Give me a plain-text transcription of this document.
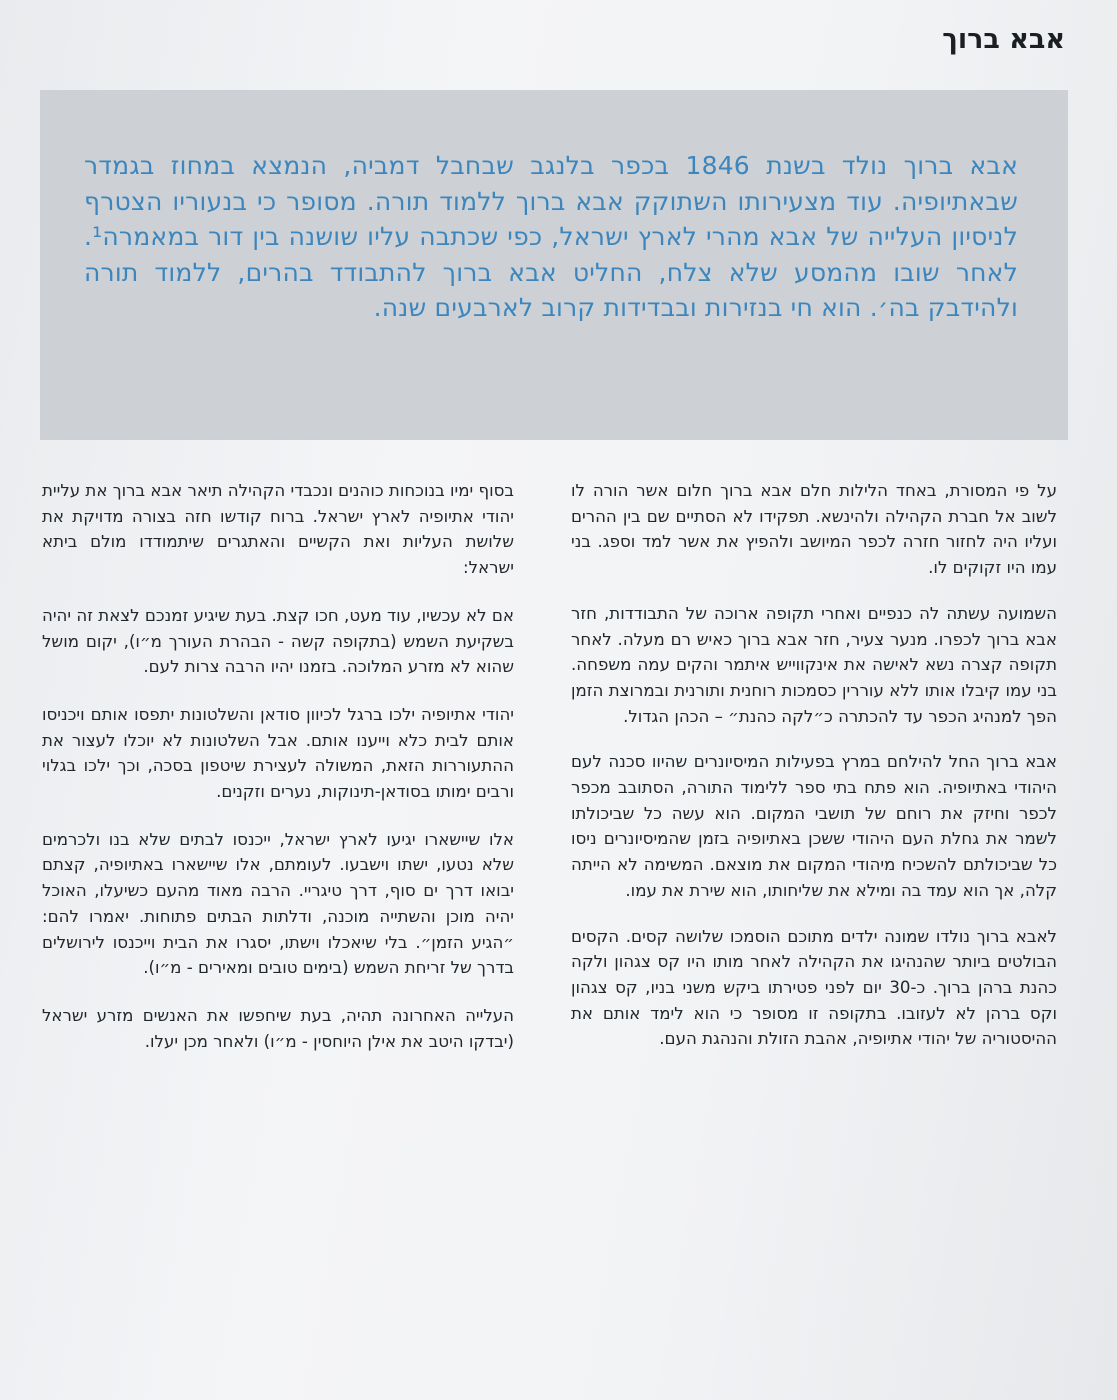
אבא ברוך

אבא ברוך נולד בשנת 1846 בכפר בלנגב שבחבל דמביה, הנמצא במחוז בגמדר שבאתיופיה. עוד מצעירותו השתוקק אבא ברוך ללמוד תורה. מסופר כי בנעוריו הצטרף לניסיון העלייה של אבא מהרי לארץ ישראל, כפי שכתבה עליו שושנה בין דור במאמרה¹. לאחר שובו מהמסע שלא צלח, החליט אבא ברוך להתבודד בהרים, ללמוד תורה ולהידבק בה׳. הוא חי בנזירות ובבדידות קרוב לארבעים שנה.

על פי המסורת, באחד הלילות חלם אבא ברוך חלום אשר הורה לו לשוב אל חברת הקהילה ולהינשא. תפקידו לא הסתיים שם בין ההרים ועליו היה לחזור חזרה לכפר המיושב ולהפיץ את אשר למד וספג. בני עמו היו זקוקים לו.

השמועה עשתה לה כנפיים ואחרי תקופה ארוכה של התבודדות, חזר אבא ברוך לכפרו. מנער צעיר, חזר אבא ברוך כאיש רם מעלה. לאחר תקופה קצרה נשא לאישה את אינקווייש איתמר והקים עמה משפחה. בני עמו קיבלו אותו ללא עוררין כסמכות רוחנית ותורנית ובמרוצת הזמן הפך למנהיג הכפר עד להכתרה כ״לקה כהנת״ – הכהן הגדול.

אבא ברוך החל להילחם במרץ בפעילות המיסיונרים שהיוו סכנה לעם היהודי באתיופיה. הוא פתח בתי ספר ללימוד התורה, הסתובב מכפר לכפר וחיזק את רוחם של תושבי המקום. הוא עשה כל שביכולתו לשמר את גחלת העם היהודי ששכן באתיופיה בזמן שהמיסיונרים ניסו כל שביכולתם להשכיח מיהודי המקום את מוצאם. המשימה לא הייתה קלה, אך הוא עמד בה ומילא את שליחותו, הוא שירת את עמו.

לאבא ברוך נולדו שמונה ילדים מתוכם הוסמכו שלושה קסים. הקסים הבולטים ביותר שהנהיגו את הקהילה לאחר מותו היו קס צגהון ולקה כהנת ברהן ברוך. כ-30 יום לפני פטירתו ביקש משני בניו, קס צגהון וקס ברהן לא לעזובו. בתקופה זו מסופר כי הוא לימד אותם את ההיסטוריה של יהודי אתיופיה, אהבת הזולת והנהגת העם.

בסוף ימיו בנוכחות כוהנים ונכבדי הקהילה תיאר אבא ברוך את עליית יהודי אתיופיה לארץ ישראל. ברוח קודשו חזה בצורה מדויקת את שלושת העליות ואת הקשיים והאתגרים שיתמודדו מולם ביתא ישראל:

אם לא עכשיו, עוד מעט, חכו קצת. בעת שיגיע זמנכם לצאת זה יהיה בשקיעת השמש (בתקופה קשה - הבהרת העורך מ״ו), יקום מושל שהוא לא מזרע המלוכה. בזמנו יהיו הרבה צרות לעם.

יהודי אתיופיה ילכו ברגל לכיוון סודאן והשלטונות יתפסו אותם ויכניסו אותם לבית כלא וייענו אותם. אבל השלטונות לא יוכלו לעצור את ההתעוררות הזאת, המשולה לעצירת שיטפון בסכה, וכך ילכו בגלוי ורבים ימותו בסודאן-תינוקות, נערים וזקנים.

אלו שיישארו יגיעו לארץ ישראל, ייכנסו לבתים שלא בנו ולכרמים שלא נטעו, ישתו וישבעו. לעומתם, אלו שיישארו באתיופיה, קצתם יבואו דרך ים סוף, דרך טיגריי. הרבה מאוד מהעם כשיעלו, האוכל יהיה מוכן והשתייה מוכנה, ודלתות הבתים פתוחות. יאמרו להם: ״הגיע הזמן״. בלי שיאכלו וישתו, יסגרו את הבית וייכנסו לירושלים בדרך של זריחת השמש (בימים טובים ומאירים - מ״ו).

העלייה האחרונה תהיה, בעת שיחפשו את האנשים מזרע ישראל (יבדקו היטב את אילן היוחסין - מ״ו) ולאחר מכן יעלו.
